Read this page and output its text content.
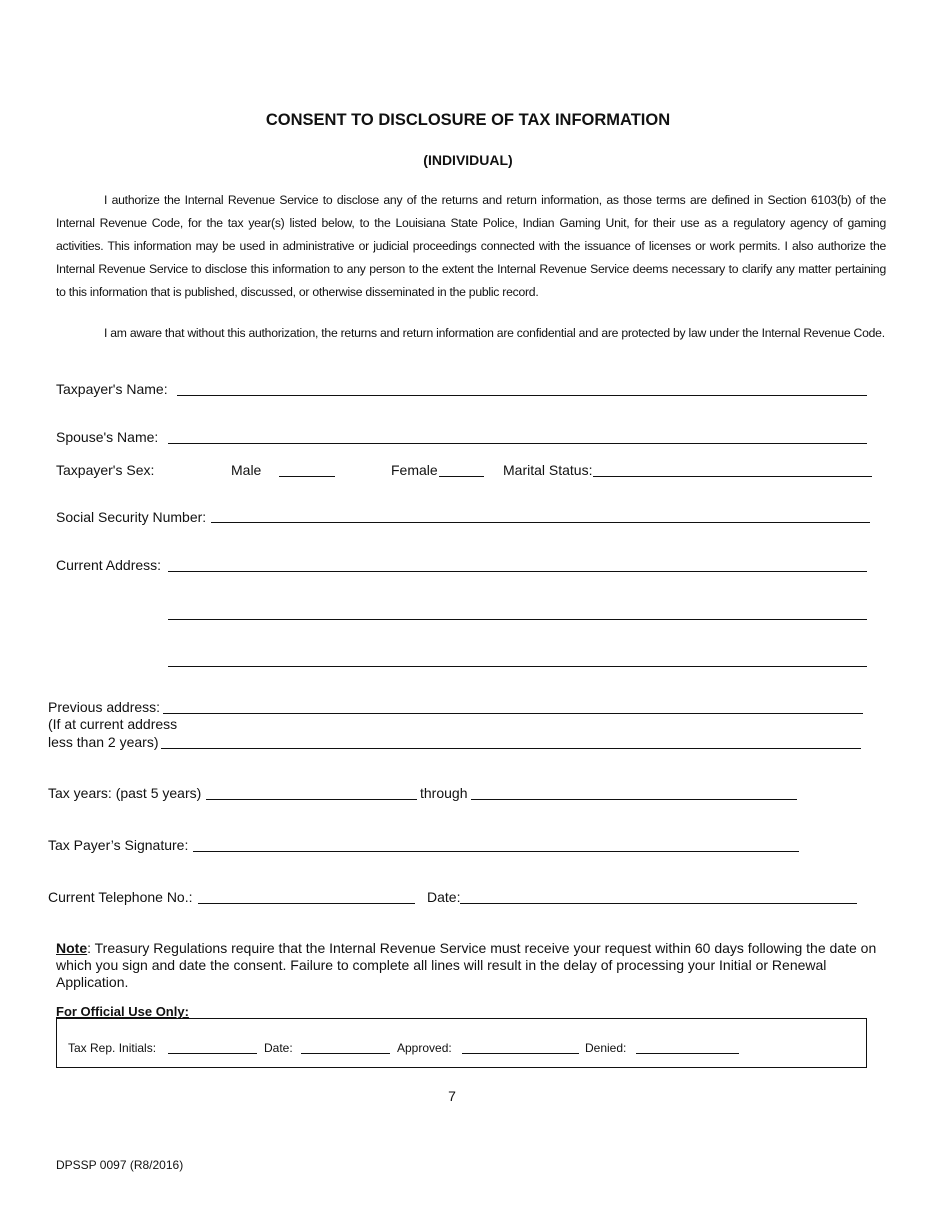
CONSENT TO DISCLOSURE OF TAX INFORMATION
(INDIVIDUAL)
I authorize the Internal Revenue Service to disclose any of the returns and return information, as those terms are defined in Section 6103(b) of the Internal Revenue Code, for the tax year(s) listed below, to the Louisiana State Police, Indian Gaming Unit, for their use as a regulatory agency of gaming activities. This information may be used in administrative or judicial proceedings connected with the issuance of licenses or work permits. I also authorize the Internal Revenue Service to disclose this information to any person to the extent the Internal Revenue Service deems necessary to clarify any matter pertaining to this information that is published, discussed, or otherwise disseminated in the public record.
I am aware that without this authorization, the returns and return information are confidential and are protected by law under the Internal Revenue Code.
Taxpayer's Name:
Spouse's Name:
Taxpayer's Sex:	Male	Female	Marital Status:
Social Security Number:
Current Address:
Previous address:
(If at current address
less than 2 years)
Tax years: (past 5 years)	through
Tax Payer’s Signature:
Current Telephone No.:	Date:
Note: Treasury Regulations require that the Internal Revenue Service must receive your request within 60 days following the date on which you sign and date the consent. Failure to complete all lines will result in the delay of processing your Initial or Renewal Application.
For Official Use Only:
Tax Rep. Initials:	Date:	Approved:	Denied:
7
DPSSP 0097 (R8/2016)
